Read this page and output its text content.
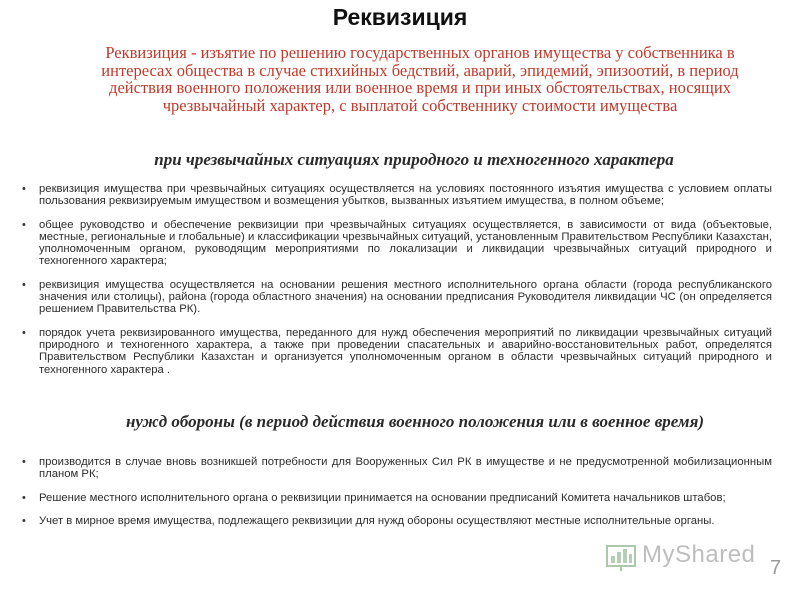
Реквизиция
Реквизиция - изъятие по решению государственных органов имущества у собственника в интересах общества в случае стихийных бедствий, аварий, эпидемий, эпизоотий, в период действия военного положения или военное время и при иных обстоятельствах, носящих чрезвычайный характер, с выплатой собственнику стоимости имущества
при чрезвычайных ситуациях природного и техногенного характера
• реквизиция имущества при чрезвычайных ситуациях осуществляется на условиях постоянного изъятия имущества с условием оплаты пользования реквизируемым имуществом и возмещения убытков, вызванных изъятием имущества, в полном объеме;
• общее руководство и обеспечение реквизиции при чрезвычайных ситуациях осуществляется, в зависимости от вида (объектовые, местные, региональные и глобальные) и классификации чрезвычайных ситуаций, установленным Правительством Республики Казахстан, уполномоченным органом, руководящим мероприятиями по локализации и ликвидации чрезвычайных ситуаций природного и техногенного характера;
• реквизиция имущества осуществляется на основании решения местного исполнительного органа области (города республиканского значения или столицы), района (города областного значения) на основании предписания Руководителя ликвидации ЧС (он определяется решением Правительства РК).
• порядок учета реквизированного имущества, переданного для нужд обеспечения мероприятий по ликвидации чрезвычайных ситуаций природного и техногенного характера, а также при проведении спасательных и аварийно-восстановительных работ, определятся Правительством Республики Казахстан и организуется уполномоченным органом в области чрезвычайных ситуаций природного и техногенного характера .
нужд обороны (в период действия военного положения или в военное время)
• производится в случае вновь возникшей потребности для Вооруженных Сил РК в имуществе и не предусмотренной мобилизационным планом РК;
• Решение местного исполнительного органа о реквизиции принимается на основании предписаний Комитета начальников штабов;
• Учет в мирное время имущества, подлежащего реквизиции для нужд обороны осуществляют местные исполнительные органы.
MyShared 7
